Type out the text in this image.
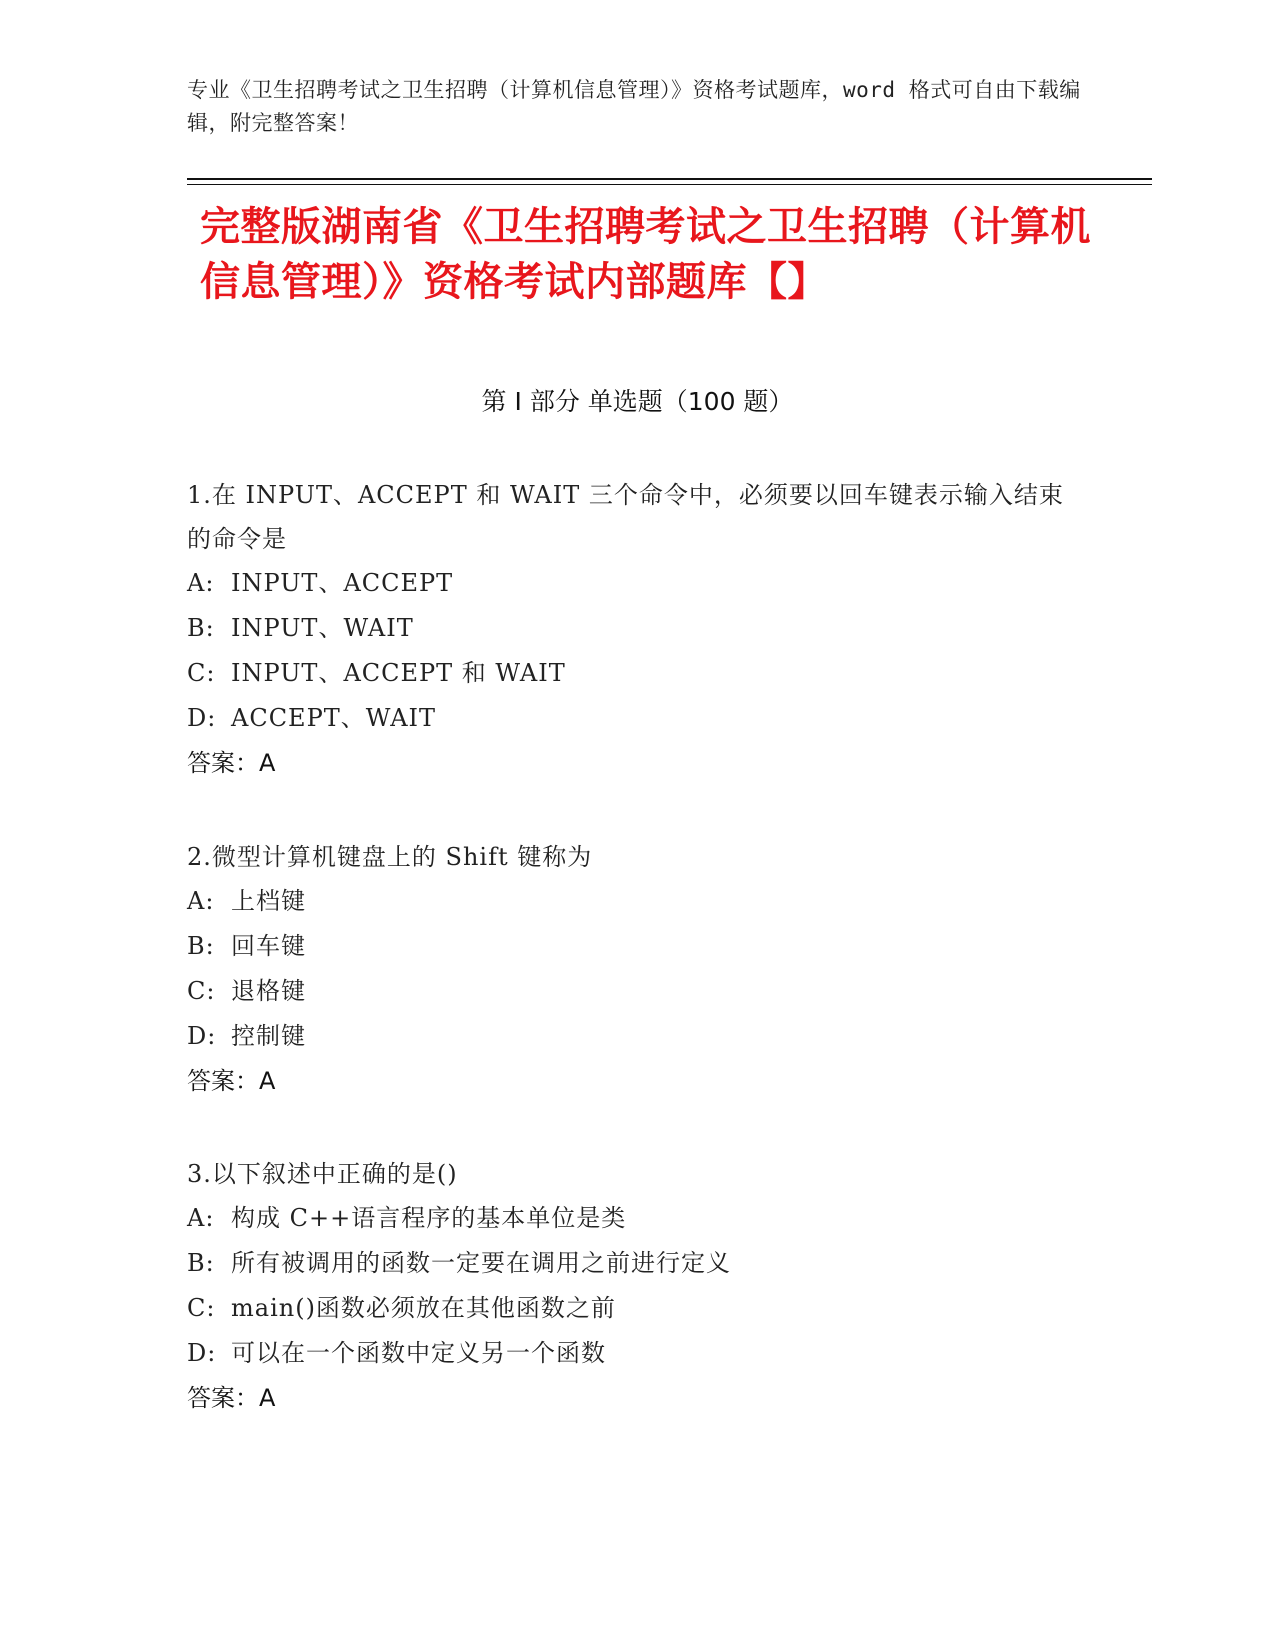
专业《卫生招聘考试之卫生招聘（计算机信息管理）》资格考试题库，word 格式可自由下载编辑，附完整答案！
完整版湖南省《卫生招聘考试之卫生招聘（计算机信息管理）》资格考试内部题库【】
第 I 部分 单选题（100 题）
1.在 INPUT、ACCEPT 和 WAIT 三个命令中，必须要以回车键表示输入结束的命令是
A: INPUT、ACCEPT
B: INPUT、WAIT
C: INPUT、ACCEPT 和 WAIT
D: ACCEPT、WAIT
答案：A
2.微型计算机键盘上的 Shift 键称为
A: 上档键
B: 回车键
C: 退格键
D: 控制键
答案：A
3.以下叙述中正确的是()
A: 构成 C++语言程序的基本单位是类
B: 所有被调用的函数一定要在调用之前进行定义
C: main()函数必须放在其他函数之前
D: 可以在一个函数中定义另一个函数
答案：A
